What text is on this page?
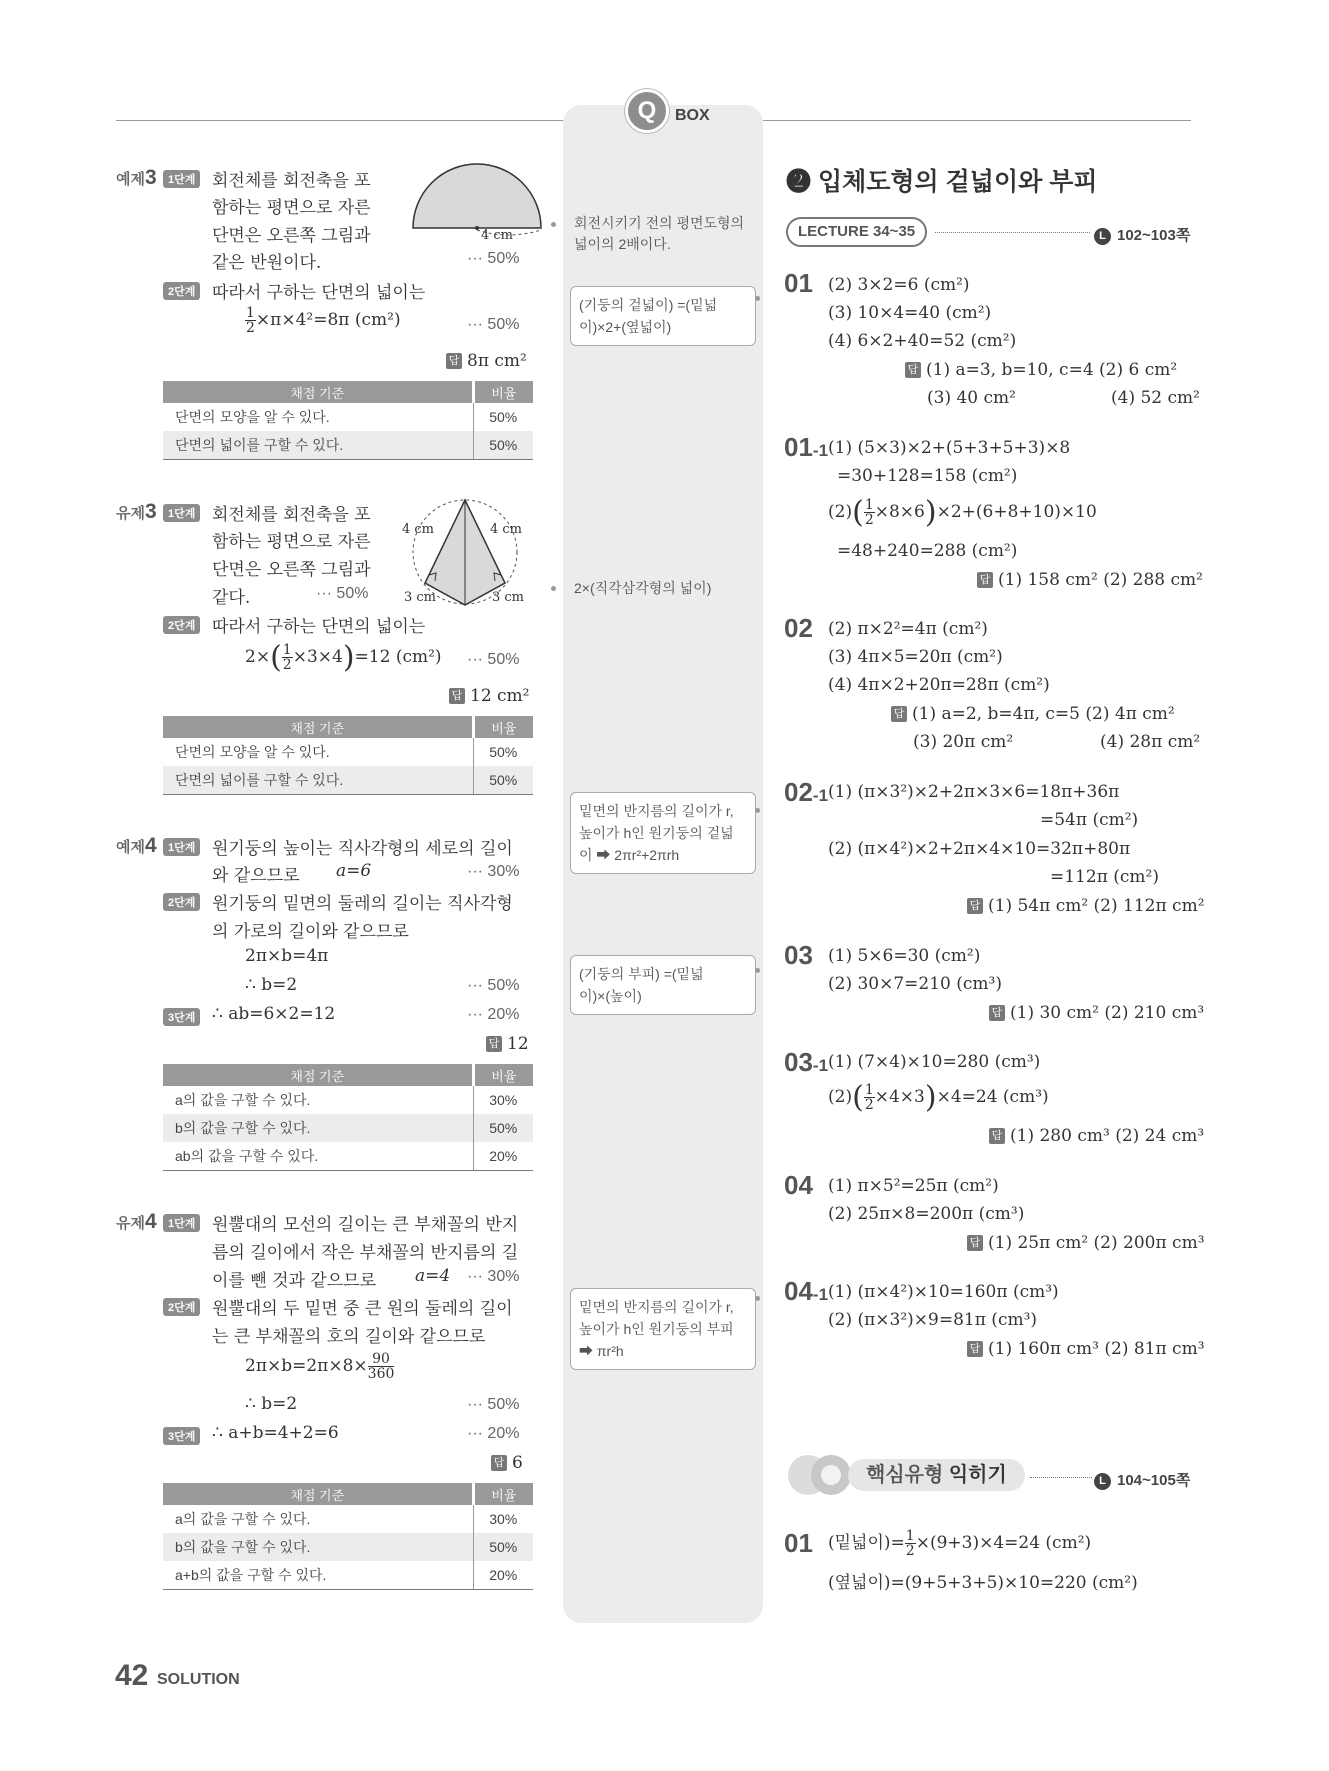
Q	BOX
예제3	1단계 회전체를 회전축을 포
함하는 평면으로 자른
단면은 오른쪽 그림과
같은 반원이다.	··· 50%
4 cm
2단계 따라서 구하는 단면의 넓이는
$\frac{1}{2} \times\pi\times 4^2=8\pi$ (cm²)	··· 50%
답 8π cm²
채점 기준	비율
단면의 모양을 알 수 있다.	50%
단면의 넓이를 구할 수 있다.	50%
유제3	1단계 회전체를 회전축을 포
함하는 평면으로 자른
단면은 오른쪽 그림과
같다.	··· 50%
4 cm	4 cm
3 cm	3 cm
2단계 따라서 구하는 단면의 넓이는
$2\times( \frac{1}{2} \times 3\times 4)=12$ (cm²) ··· 50%
답 12 cm²
채점 기준	비율
단면의 모양을 알 수 있다.	50%
단면의 넓이를 구할 수 있다.	50%
예제4	1단계 원기둥의 높이는 직사각형의 세로의 길이
와 같으므로 a=6	··· 30%
2단계 원기둥의 밑면의 둘레의 길이는 직사각형
의 가로의 길이와 같으므로
2π×b=4π
∴ b=2	··· 50%
3단계 ∴ ab=6×2=12	··· 20%
답 12
채점 기준	비율
a의 값을 구할 수 있다.	30%
b의 값을 구할 수 있다.	50%
ab의 값을 구할 수 있다.	20%
유제4	1단계 원뿔대의 모선의 길이는 큰 부채꼴의 반지
름의 길이에서 작은 부채꼴의 반지름의 길
이를 뺀 것과 같으므로 a=4 ··· 30%
2단계 원뿔대의 두 밑면 중 큰 원의 둘레의 길이
는 큰 부채꼴의 호의 길이와 같으므로
$2\pi\times b=2\pi\times 8\times \frac{90}{360}$
∴ b=2	··· 50%
3단계 ∴ a+b=4+2=6	··· 20%
답 6
채점 기준	비율
a의 값을 구할 수 있다.	30%
b의 값을 구할 수 있다.	50%
a+b의 값을 구할 수 있다.	20%
회전시키기 전의 평면도형의 넓이의 2배이다.
(기둥의 겉넓이) =(밑넓이)×2+(옆넓이)
2×(직각삼각형의 넓이)
밑면의 반지름의 길이가 r, 높이가 h인 원기둥의 겉넓이 ➡ 2πr²+2πrh
(기둥의 부피) =(밑넓이)×(높이)
밑면의 반지름의 길이가 r, 높이가 h인 원기둥의 부피 ➡ πr²h
❷ 입체도형의 겉넓이와 부피
LECTURE 34~35	L 102~103쪽
01 (2) 3×2=6 (cm²)
(3) 10×4=40 (cm²)
(4) 6×2+40=52 (cm²)
답 (1) a=3, b=10, c=4 (2) 6 cm²
(3) 40 cm²	(4) 52 cm²
01-1 (1) (5×3)×2+(5+3+5+3)×8
=30+128=158 (cm²)
$(2)( \frac{1}{2} \times 8\times 6)\times 2+(6+8+10)\times 10$
=48+240=288 (cm²)
답 (1) 158 cm² (2) 288 cm²
02 (2) π×2²=4π (cm²)
(3) 4π×5=20π (cm²)
(4) 4π×2+20π=28π (cm²)
답 (1) a=2, b=4π, c=5 (2) 4π cm²
(3) 20π cm²	(4) 28π cm²
02-1 (1) (π×3²)×2+2π×3×6=18π+36π
=54π (cm²)
(2) (π×4²)×2+2π×4×10=32π+80π
=112π (cm²)
답 (1) 54π cm² (2) 112π cm²
03 (1) 5×6=30 (cm²)
(2) 30×7=210 (cm³)
답 (1) 30 cm² (2) 210 cm³
03-1 (1) (7×4)×10=280 (cm³)
$(2)( \frac{1}{2} \times 4\times 3)\times 4=24$ (cm³)
답 (1) 280 cm³ (2) 24 cm³
04 (1) π×5²=25π (cm²)
(2) 25π×8=200π (cm³)
답 (1) 25π cm² (2) 200π cm³
04-1 (1) (π×4²)×10=160π (cm³)
(2) (π×3²)×9=81π (cm³)
답 (1) 160π cm³ (2) 81π cm³
핵심유형 익히기	L 104~105쪽
01 (밑넓이)= $\frac{1}{2} \times(9+3)\times 4=24$ (cm²)
(옆넓이)=(9+5+3+5)×10=220 (cm²)
42 SOLUTION
